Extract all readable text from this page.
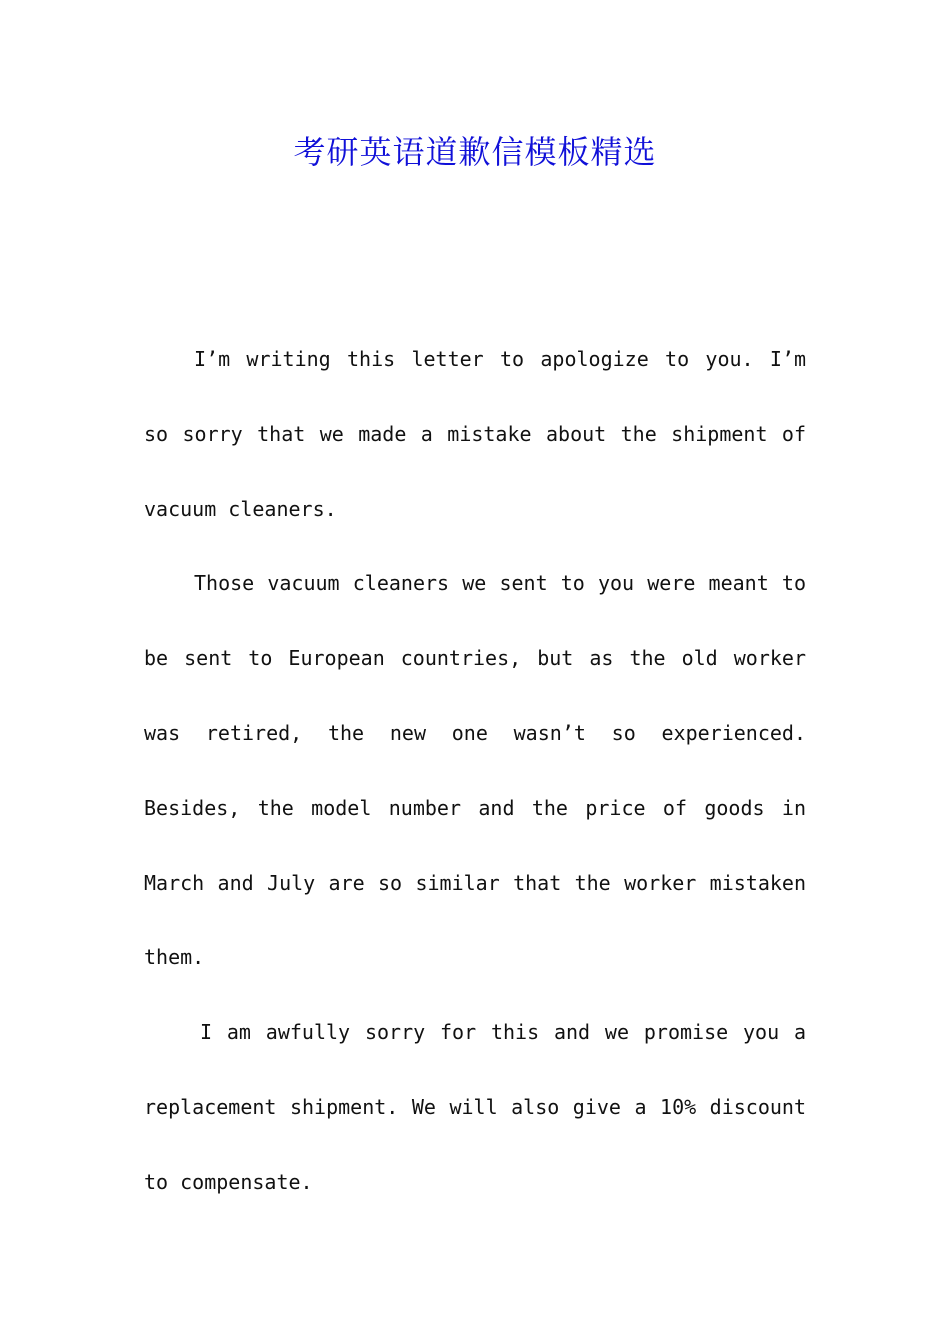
考研英语道歉信模板精选
I’m writing this letter to apologize to you. I’m
so sorry that we made a mistake about the shipment of
vacuum cleaners.
Those vacuum cleaners we sent to you were meant to
be sent to European countries, but as the old worker
was retired, the new one wasn’t so experienced.
Besides, the model number and the price of goods in
March and July are so similar that the worker mistaken
them.
I am awfully sorry for this and we promise you a
replacement shipment. We will also give a 10% discount
to compensate.
